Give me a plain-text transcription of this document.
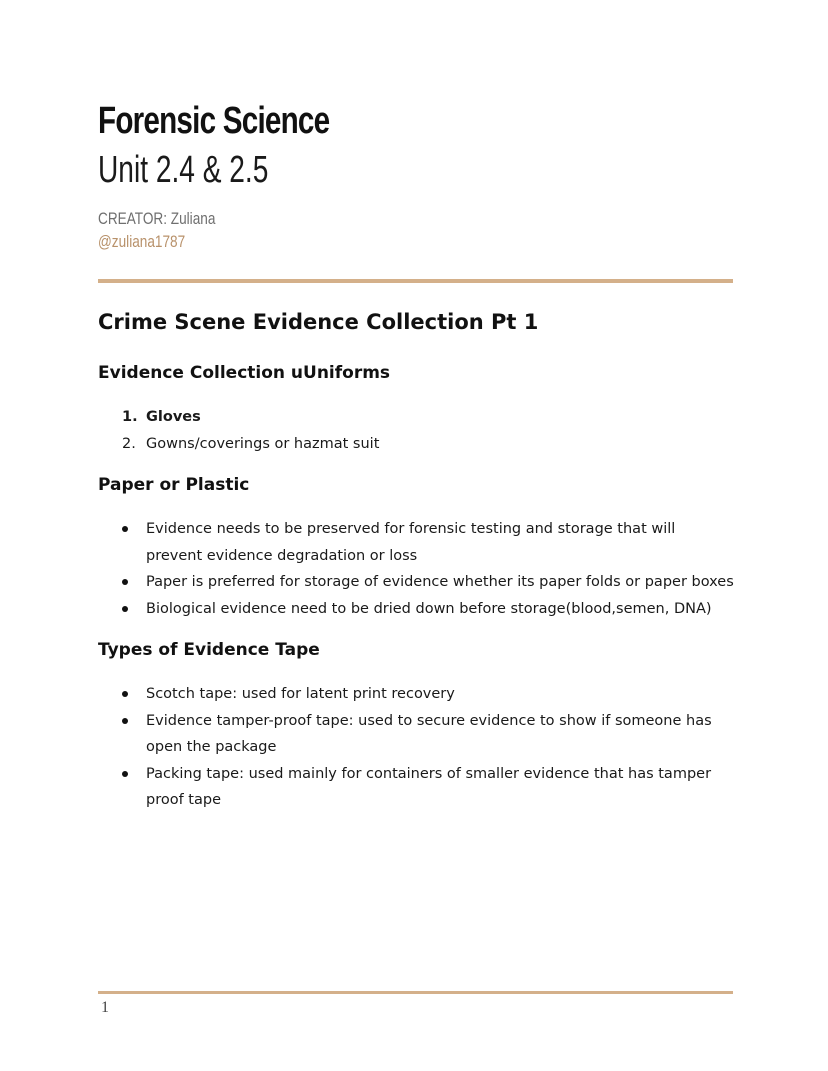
Forensic Science
Unit 2.4 & 2.5
CREATOR: Zuliana
@zuliana1787
Crime Scene Evidence Collection Pt 1
Evidence Collection uUniforms
1. Gloves
2. Gowns/coverings or hazmat suit
Paper or Plastic
Evidence needs to be preserved for forensic testing and storage that will prevent evidence degradation or loss
Paper is preferred for storage of evidence whether its paper folds or paper boxes
Biological evidence need to be dried down before storage(blood,semen, DNA)
Types of Evidence Tape
Scotch tape: used for latent print recovery
Evidence tamper-proof tape: used to secure evidence to show if someone has open the package
Packing tape: used mainly for containers of smaller evidence that has tamper proof tape
1
